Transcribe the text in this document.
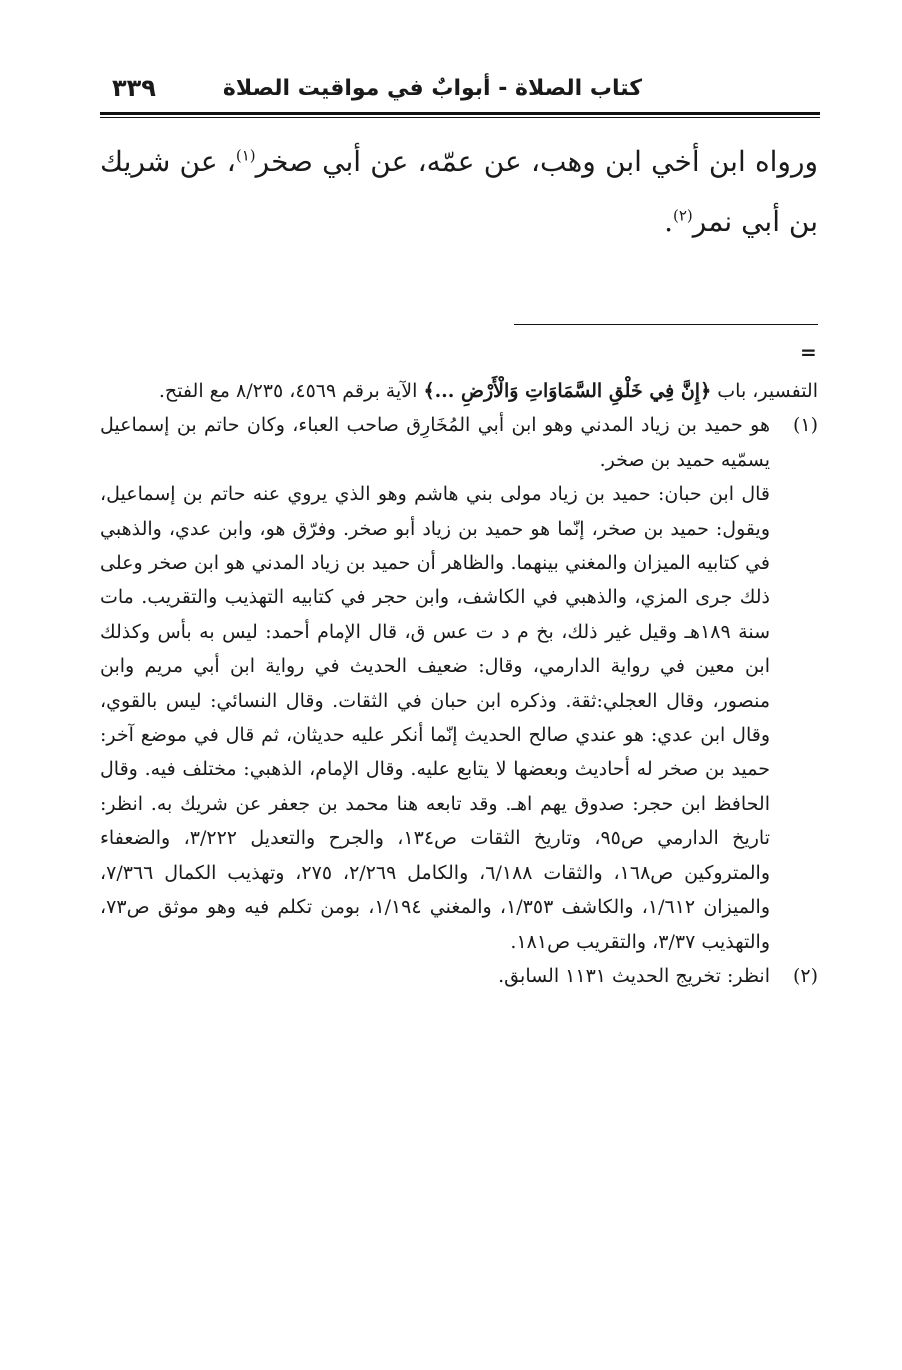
كتاب الصلاة - أبوابٌ في مواقيت الصلاة
٣٣٩

ورواه ابن أخي ابن وهب، عن عمّه، عن أبي صخر$^{(١)}$، عن شريك بن أبي نمر$^{(٢)}$.

=

التفسير، باب ﴿إِنَّ فِي خَلْقِ السَّمَاوَاتِ وَالْأَرْضِ ...﴾ الآية برقم ٤٥٦٩، ٨/٢٣٥ مع الفتح.

(١)هو حميد بن زياد المدني وهو ابن أبي المُخَارِق صاحب العباء، وكان حاتم بن إسماعيل يسمّيه حميد بن صخر.

قال ابن حبان: حميد بن زياد مولى بني هاشم وهو الذي يروي عنه حاتم بن إسماعيل، ويقول: حميد بن صخر، إنّما هو حميد بن زياد أبو صخر. وفرّق هو، وابن عدي، والذهبي في كتابيه الميزان والمغني بينهما. والظاهر أن حميد بن زياد المدني هو ابن صخر وعلى ذلك جرى المزي، والذهبي في الكاشف، وابن حجر في كتابيه التهذيب والتقريب. مات سنة ١٨٩هـ وقيل غير ذلك، بخ م د ت عس ق، قال الإمام أحمد: ليس به بأس وكذلك ابن معين في رواية الدارمي، وقال: ضعيف الحديث في رواية ابن أبي مريم وابن منصور، وقال العجلي:ثقة. وذكره ابن حبان في الثقات. وقال النسائي: ليس بالقوي، وقال ابن عدي: هو عندي صالح الحديث إنّما أنكر عليه حديثان، ثم قال في موضع آخر: حميد بن صخر له أحاديث وبعضها لا يتابع عليه. وقال الإمام، الذهبي: مختلف فيه. وقال الحافظ ابن حجر: صدوق يهم اهـ. وقد تابعه هنا محمد بن جعفر عن شريك به. انظر: تاريخ الدارمي ص٩٥، وتاريخ الثقات ص١٣٤، والجرح والتعديل ٣/٢٢٢، والضعفاء والمتروكين ص١٦٨، والثقات ٦/١٨٨، والكامل ٢/٢٦٩، ٢٧٥، وتهذيب الكمال ٧/٣٦٦، والميزان ١/٦١٢، والكاشف ١/٣٥٣، والمغني ١/١٩٤، بومن تكلم فيه وهو موثق ص٧٣، والتهذيب ٣/٣٧، والتقريب ص١٨١.

(٢)انظر: تخريج الحديث ١١٣١ السابق.
